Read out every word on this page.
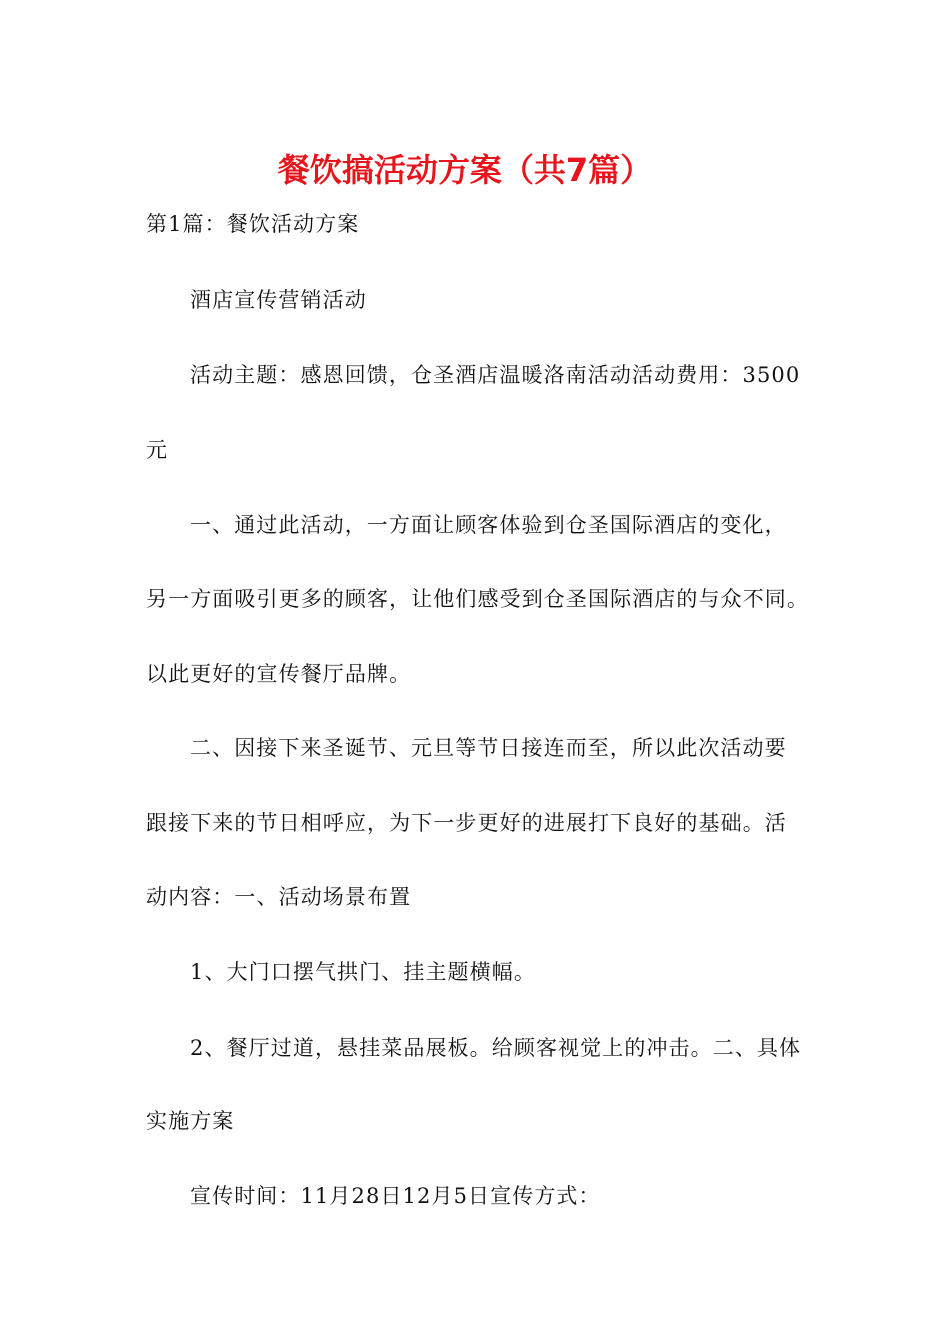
餐饮搞活动方案（共7篇）
第1篇：餐饮活动方案
酒店宣传营销活动
活动主题：感恩回馈，仓圣酒店温暖洛南活动活动费用：3500
元
一、通过此活动，一方面让顾客体验到仓圣国际酒店的变化，
另一方面吸引更多的顾客，让他们感受到仓圣国际酒店的与众不同。
以此更好的宣传餐厅品牌。
二、因接下来圣诞节、元旦等节日接连而至，所以此次活动要
跟接下来的节日相呼应，为下一步更好的进展打下良好的基础。活
动内容：一、活动场景布置
1、大门口摆气拱门、挂主题横幅。
2、餐厅过道，悬挂菜品展板。给顾客视觉上的冲击。二、具体
实施方案
宣传时间：11月28日12月5日宣传方式：
